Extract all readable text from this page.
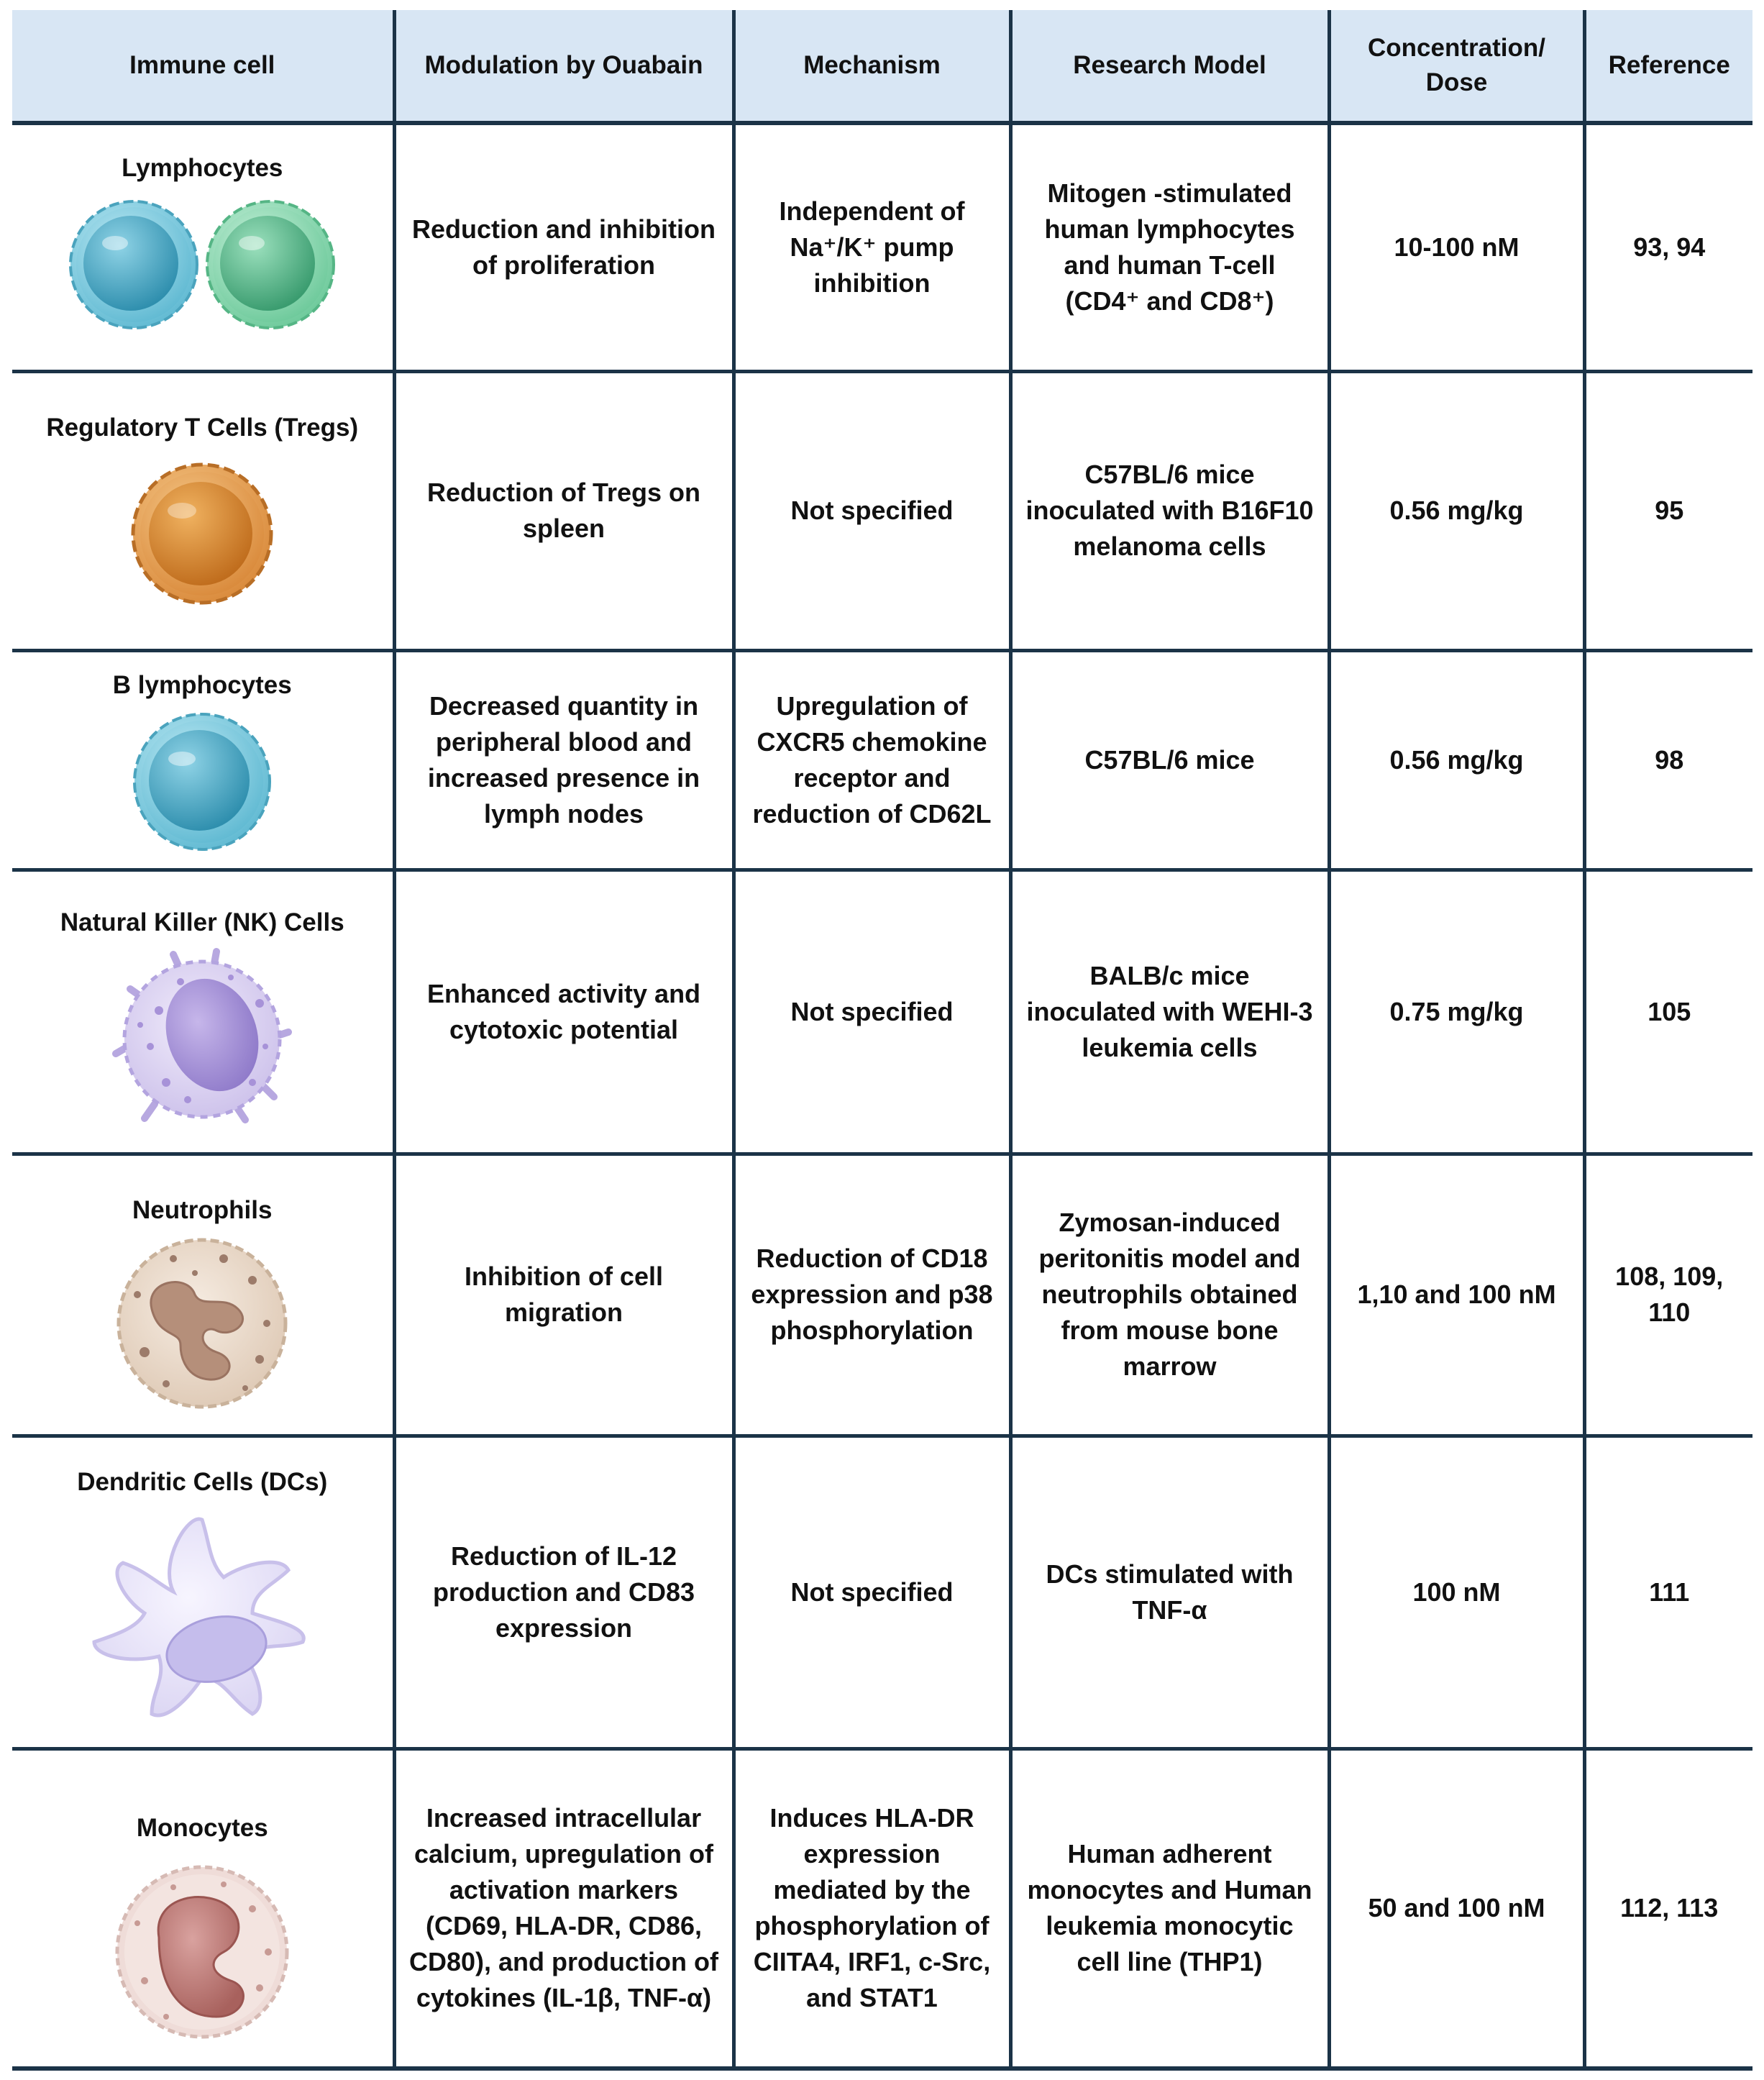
Immune cell	Modulation by Ouabain	Mechanism	Research Model	Concentration/ Dose	Reference

Lymphocytes	Reduction and inhibition of proliferation	Independent of Na⁺/K⁺ pump inhibition	Mitogen -stimulated human lymphocytes and human T-cell (CD4⁺ and CD8⁺)	10-100 nM	93, 94

Regulatory T Cells (Tregs)	Reduction of Tregs on spleen	Not specified	C57BL/6 mice inoculated with B16F10 melanoma cells	0.56 mg/kg	95

B lymphocytes	Decreased quantity in peripheral blood and increased presence in lymph nodes	Upregulation of CXCR5 chemokine receptor and reduction of CD62L	C57BL/6 mice	0.56 mg/kg	98

Natural Killer (NK) Cells	Enhanced activity and cytotoxic potential	Not specified	BALB/c mice inoculated with WEHI-3 leukemia cells	0.75 mg/kg	105

Neutrophils	Inhibition of cell migration	Reduction of CD18 expression and p38 phosphorylation	Zymosan-induced peritonitis model and neutrophils obtained from mouse bone marrow	1,10 and 100 nM	108, 109, 110

Dendritic Cells (DCs)	Reduction of IL-12 production and CD83 expression	Not specified	DCs stimulated with TNF-α	100 nM	111

Monocytes	Increased intracellular calcium, upregulation of activation markers (CD69, HLA-DR, CD86, CD80), and production of cytokines (IL-1β, TNF-α)	Induces HLA-DR expression mediated by the phosphorylation of CIITA4, IRF1, c-Src, and STAT1	Human adherent monocytes and Human leukemia monocytic cell line (THP1)	50 and 100 nM	112, 113
